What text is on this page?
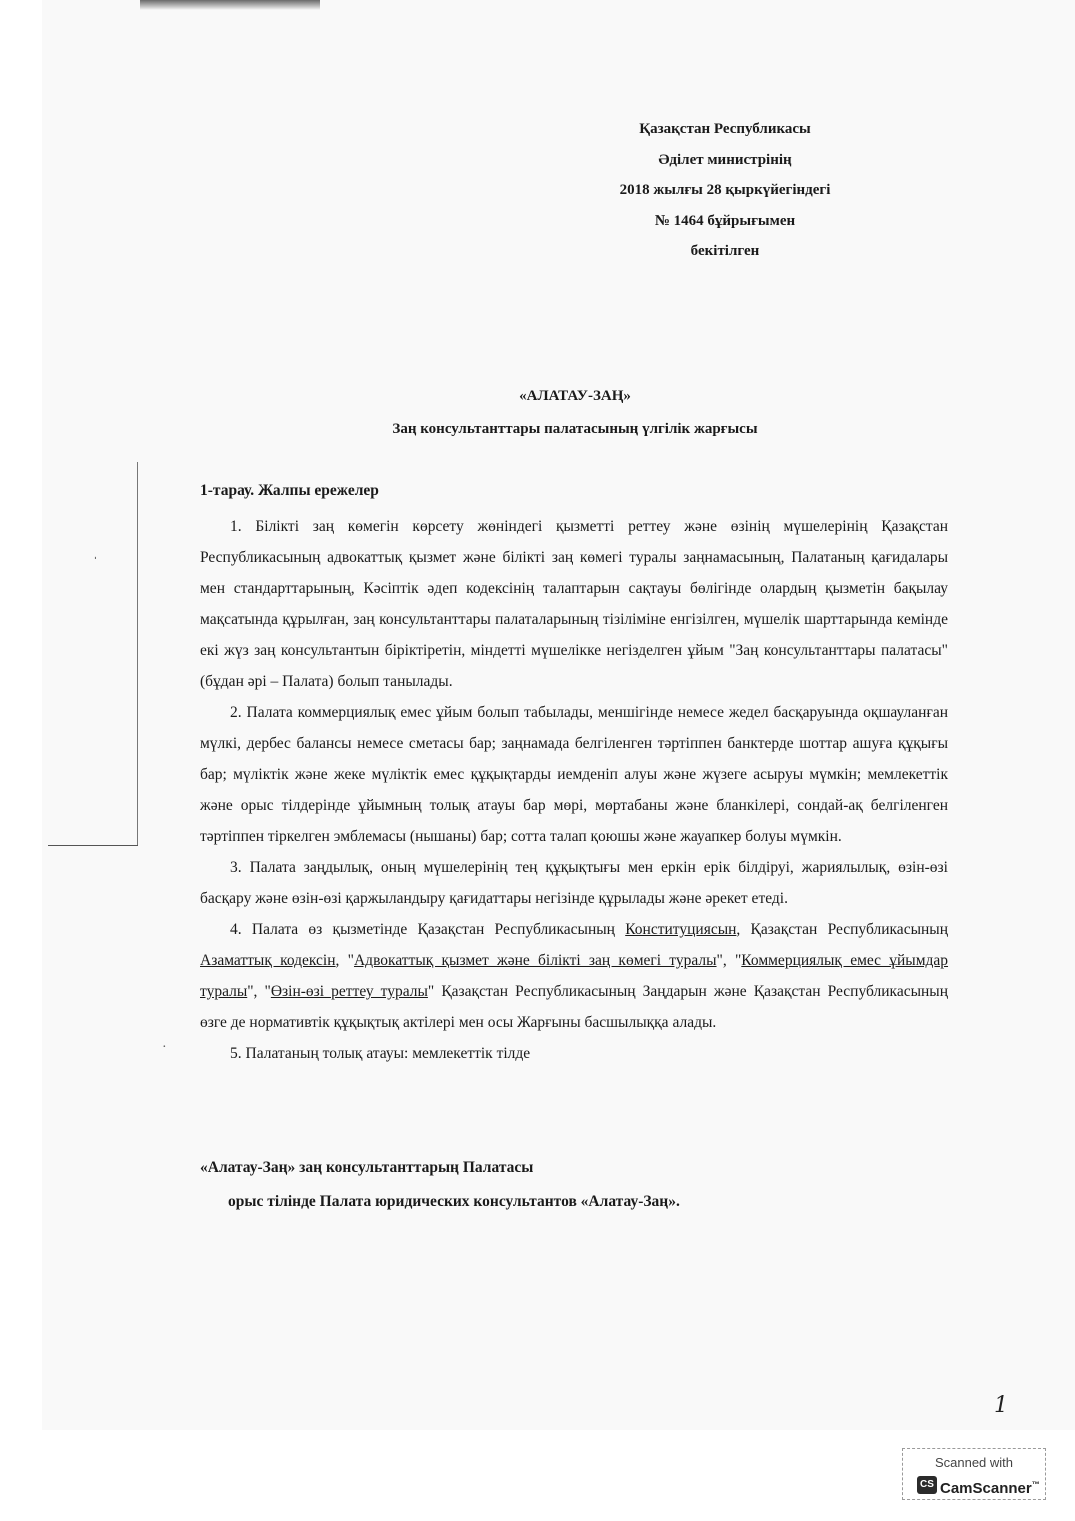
ˌ
·
Қазақстан Республикасы
Әділет министрінің
2018 жылғы 28 қыркүйегіндегі
№ 1464 бұйрығымен
бекітілген
«АЛАТАУ-ЗАҢ»
Заң консультанттары палатасының үлгілік жарғысы
1-тарау. Жалпы ережелер

1. Білікті заң көмегін көрсету жөніндегі қызметті реттеу және өзінің мүшелерінің Қазақстан Республикасының адвокаттық қызмет және білікті заң көмегі туралы заңнамасының, Палатаның қағидалары мен стандарттарының, Кәсіптік әдеп кодексінің талаптарын сақтауы бөлігінде олардың қызметін бақылау мақсатында құрылған, заң консультанттары палаталарының тізіліміне енгізілген, мүшелік шарттарында кемінде екі жүз заң консультантын біріктіретін, міндетті мүшелікке негізделген ұйым "Заң консультанттары палатасы" (бұдан әрі – Палата) болып танылады.

2. Палата коммерциялық емес ұйым болып табылады, меншігінде немесе жедел басқаруында оқшауланған мүлкі, дербес балансы немесе сметасы бар; заңнамада белгіленген тәртіппен банктерде шоттар ашуға құқығы бар; мүліктік және жеке мүліктік емес құқықтарды иемденіп алуы және жүзеге асыруы мүмкін; мемлекеттік және орыс тілдерінде ұйымның толық атауы бар мөрі, мөртабаны және бланкілері, сондай-ақ белгіленген тәртіппен тіркелген эмблемасы (нышаны) бар; сотта талап қоюшы және жауапкер болуы мүмкін.

3. Палата заңдылық, оның мүшелерінің тең құқықтығы мен еркін ерік білдіруі, жариялылық, өзін-өзі басқару және өзін-өзі қаржыландыру қағидаттары негізінде құрылады және әрекет етеді.

4. Палата өз қызметінде Қазақстан Республикасының Конституциясын, Қазақстан Республикасының Азаматтық кодексін, "Адвокаттық қызмет және білікті заң көмегі туралы", "Коммерциялық емес ұйымдар туралы", "Өзін-өзі реттеу туралы" Қазақстан Республикасының Заңдарын және Қазақстан Республикасының өзге де нормативтік құқықтық актілері мен осы Жарғыны басшылыққа алады.

5. Палатаның толық атауы: мемлекеттік тілде

«Алатау-Заң» заң консультанттарың Палатасы
орыс тілінде Палата юридических консультантов «Алатау-Заң».
1
Scanned with
CS CamScanner™
